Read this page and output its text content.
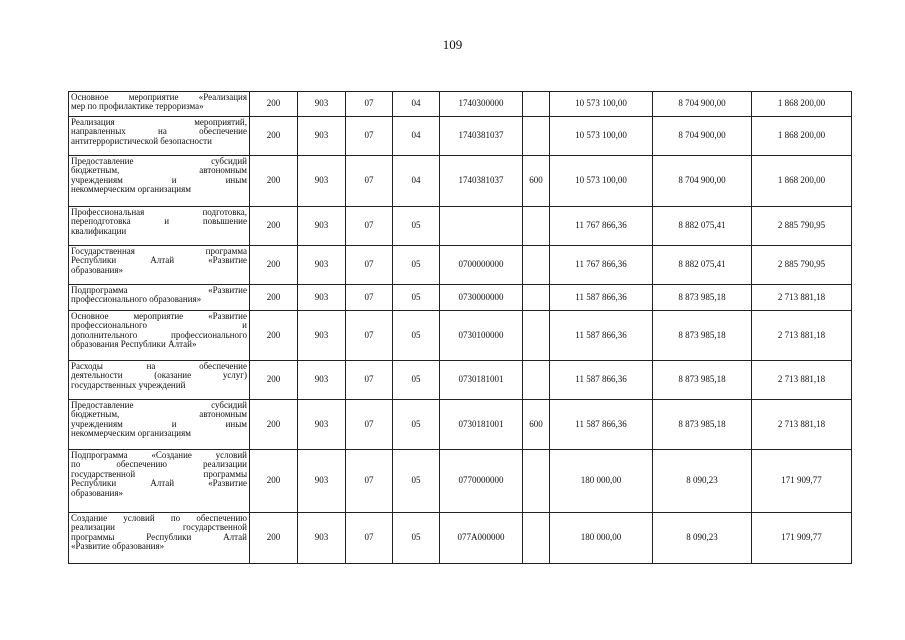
109
Основное мероприятие «Реализация
мер по профилактике терроризма»	200	903	07	04	1740300000		10 573 100,00	8 704 900,00	1 868 200,00

Реализация мероприятий,
направленных на обеспечение
антитеррористической безопасности	200	903	07	04	1740381037		10 573 100,00	8 704 900,00	1 868 200,00

Предоставление субсидий
бюджетным, автономным
учреждениям и иным
некоммерческим организациям	200	903	07	04	1740381037	600	10 573 100,00	8 704 900,00	1 868 200,00

Профессиональная подготовка,
переподготовка и повышение
квалификации	200	903	07	05			11 767 866,36	8 882 075,41	2 885 790,95

Государственная программа
Республики Алтай «Развитие
образования»	200	903	07	05	0700000000		11 767 866,36	8 882 075,41	2 885 790,95

Подпрограмма «Развитие
профессионального образования»	200	903	07	05	0730000000		11 587 866,36	8 873 985,18	2 713 881,18

Основное мероприятие «Развитие
профессионального и
дополнительного профессионального
образования Республики Алтай»	200	903	07	05	0730100000		11 587 866,36	8 873 985,18	2 713 881,18

Расходы на обеспечение
деятельности (оказание услуг)
государственных учреждений	200	903	07	05	0730181001		11 587 866,36	8 873 985,18	2 713 881,18

Предоставление субсидий
бюджетным, автономным
учреждениям и иным
некоммерческим организациям	200	903	07	05	0730181001	600	11 587 866,36	8 873 985,18	2 713 881,18

Подпрограмма «Создание условий
по обеспечению реализации
государственной программы
Республики Алтай «Развитие
образования»	200	903	07	05	0770000000		180 000,00	8 090,23	171 909,77

Создание условий по обеспечению
реализации государственной
программы Республики Алтай
«Развитие образования»	200	903	07	05	077A000000		180 000,00	8 090,23	171 909,77
